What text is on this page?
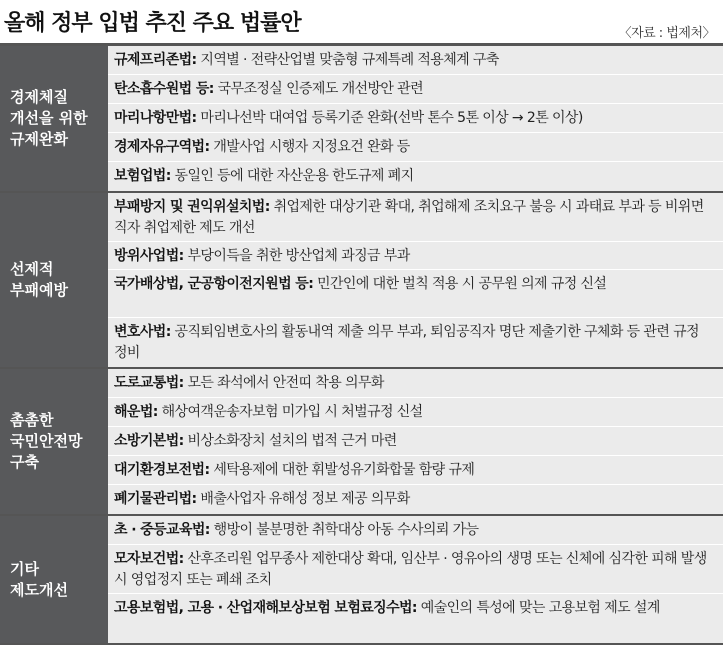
올해 정부 입법 추진 주요 법률안	〈자료 : 법제처〉
경제체질
개선을 위한
규제완화
규제프리존법: 지역별 · 전략산업별 맞춤형 규제특례 적용체계 구축
탄소흡수원법 등: 국무조정실 인증제도 개선방안 관련
마리나항만법: 마리나선박 대여업 등록기준 완화(선박 톤수 5톤 이상 → 2톤 이상)
경제자유구역법: 개발사업 시행자 지정요건 완화 등
보험업법: 동일인 등에 대한 자산운용 한도규제 폐지
선제적
부패예방
부패방지 및 권익위설치법: 취업제한 대상기관 확대, 취업해제 조치요구 불응 시 과태료 부과 등 비위면직자 취업제한 제도 개선
방위사업법: 부당이득을 취한 방산업체 과징금 부과
국가배상법, 군공항이전지원법 등: 민간인에 대한 벌칙 적용 시 공무원 의제 규정 신설
변호사법: 공직퇴임변호사의 활동내역 제출 의무 부과, 퇴임공직자 명단 제출기한 구체화 등 관련 규정 정비
촘촘한
국민안전망
구축
도로교통법: 모든 좌석에서 안전띠 착용 의무화
해운법: 해상여객운송자보험 미가입 시 처벌규정 신설
소방기본법: 비상소화장치 설치의 법적 근거 마련
대기환경보전법: 세탁용제에 대한 휘발성유기화합물 함량 규제
폐기물관리법: 배출사업자 유해성 정보 제공 의무화
기타
제도개선
초 · 중등교육법: 행방이 불분명한 취학대상 아동 수사의뢰 가능
모자보건법: 산후조리원 업무종사 제한대상 확대, 임산부 · 영유아의 생명 또는 신체에 심각한 피해 발생 시 영업정지 또는 폐쇄 조치
고용보험법, 고용 · 산업재해보상보험 보험료징수법: 예술인의 특성에 맞는 고용보험 제도 설계
